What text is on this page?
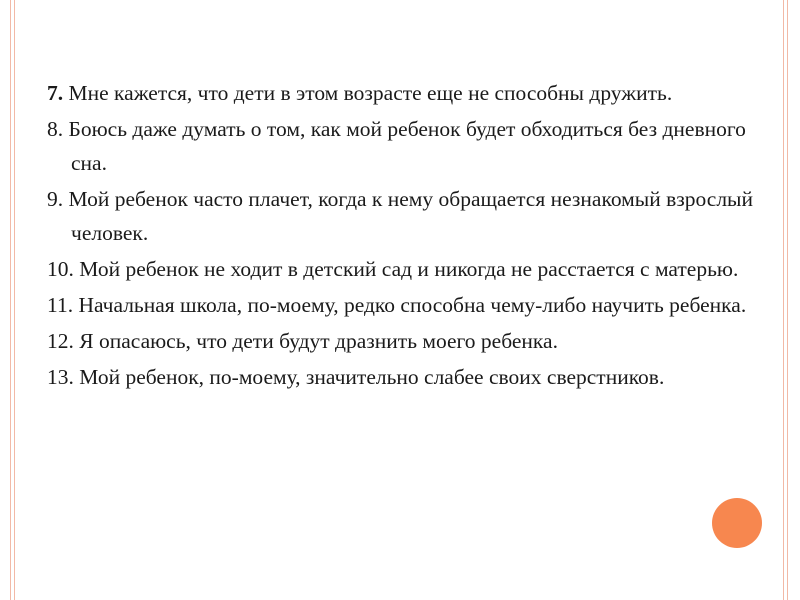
7. Мне кажется, что дети в этом возрасте еще не способны дружить.

8. Боюсь даже думать о том, как мой ребенок будет обходиться без дневного сна.

9. Мой ребенок часто плачет, когда к нему обращается незнакомый взрослый человек.

10. Мой ребенок не ходит в детский сад и никогда не расстается с матерью.

11. Начальная школа, по-моему, редко способна чему-либо научить ребенка.

12. Я опасаюсь, что дети будут дразнить моего ребенка.

13. Мой ребенок, по-моему, значительно слабее своих сверстников.
